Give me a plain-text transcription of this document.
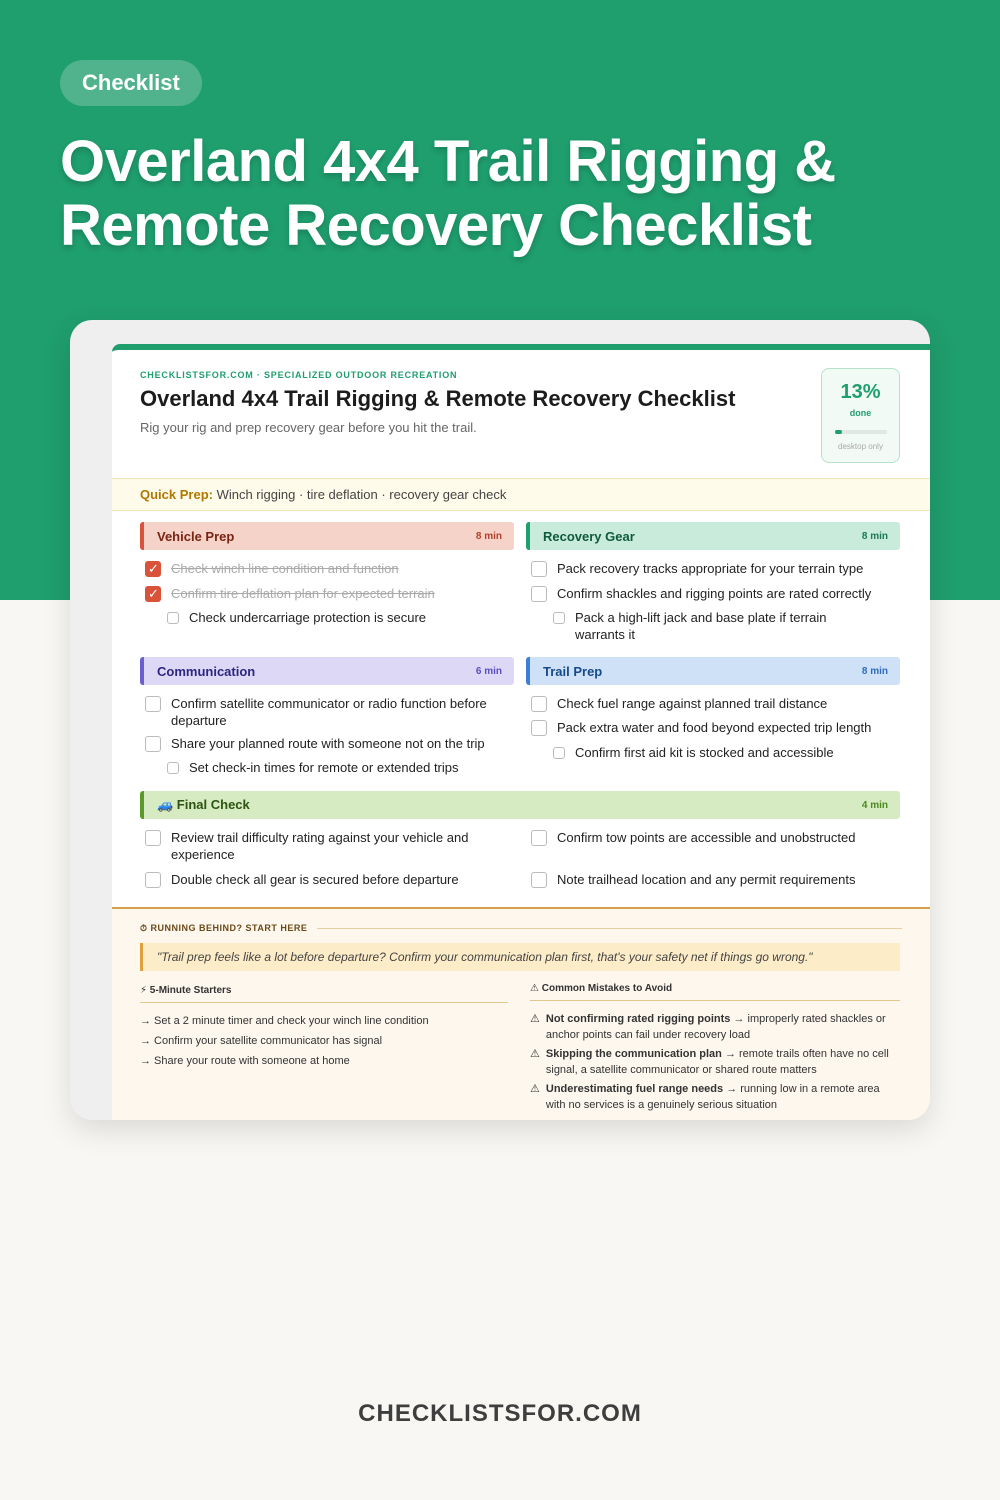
Checklist
Overland 4x4 Trail Rigging &
Remote Recovery Checklist
CHECKLISTSFOR.COM · SPECIALIZED OUTDOOR RECREATION
Overland 4x4 Trail Rigging & Remote Recovery Checklist
Rig your rig and prep recovery gear before you hit the trail.
13%
done
desktop only
Quick Prep: Winch rigging · tire deflation · recovery gear check
Vehicle Prep	8 min
✓
Check winch line condition and function
✓
Confirm tire deflation plan for expected terrain
Check undercarriage protection is secure
Recovery Gear	8 min
Pack recovery tracks appropriate for your terrain type
Confirm shackles and rigging points are rated correctly
Pack a high-lift jack and base plate if terrain warrants it
Communication	6 min
Confirm satellite communicator or radio function before departure
Share your planned route with someone not on the trip
Set check-in times for remote or extended trips
Trail Prep	8 min
Check fuel range against planned trail distance
Pack extra water and food beyond expected trip length
Confirm first aid kit is stocked and accessible
🚙 Final Check	4 min
Review trail difficulty rating against your vehicle and experience
Confirm tow points are accessible and unobstructed
Double check all gear is secured before departure	Note trailhead location and any permit requirements
⏱ RUNNING BEHIND? START HERE
"Trail prep feels like a lot before departure? Confirm your communication plan first, that's your safety net if things go wrong."
⚡ 5-Minute Starters
→ Set a 2 minute timer and check your winch line condition
→ Confirm your satellite communicator has signal
→ Share your route with someone at home
⚠ Common Mistakes to Avoid
⚠ Not confirming rated rigging points → improperly rated shackles or anchor points can fail under recovery load
⚠ Skipping the communication plan → remote trails often have no cell signal, a satellite communicator or shared route matters
⚠ Underestimating fuel range needs → running low in a remote area with no services is a genuinely serious situation
CHECKLISTSFOR.COM
